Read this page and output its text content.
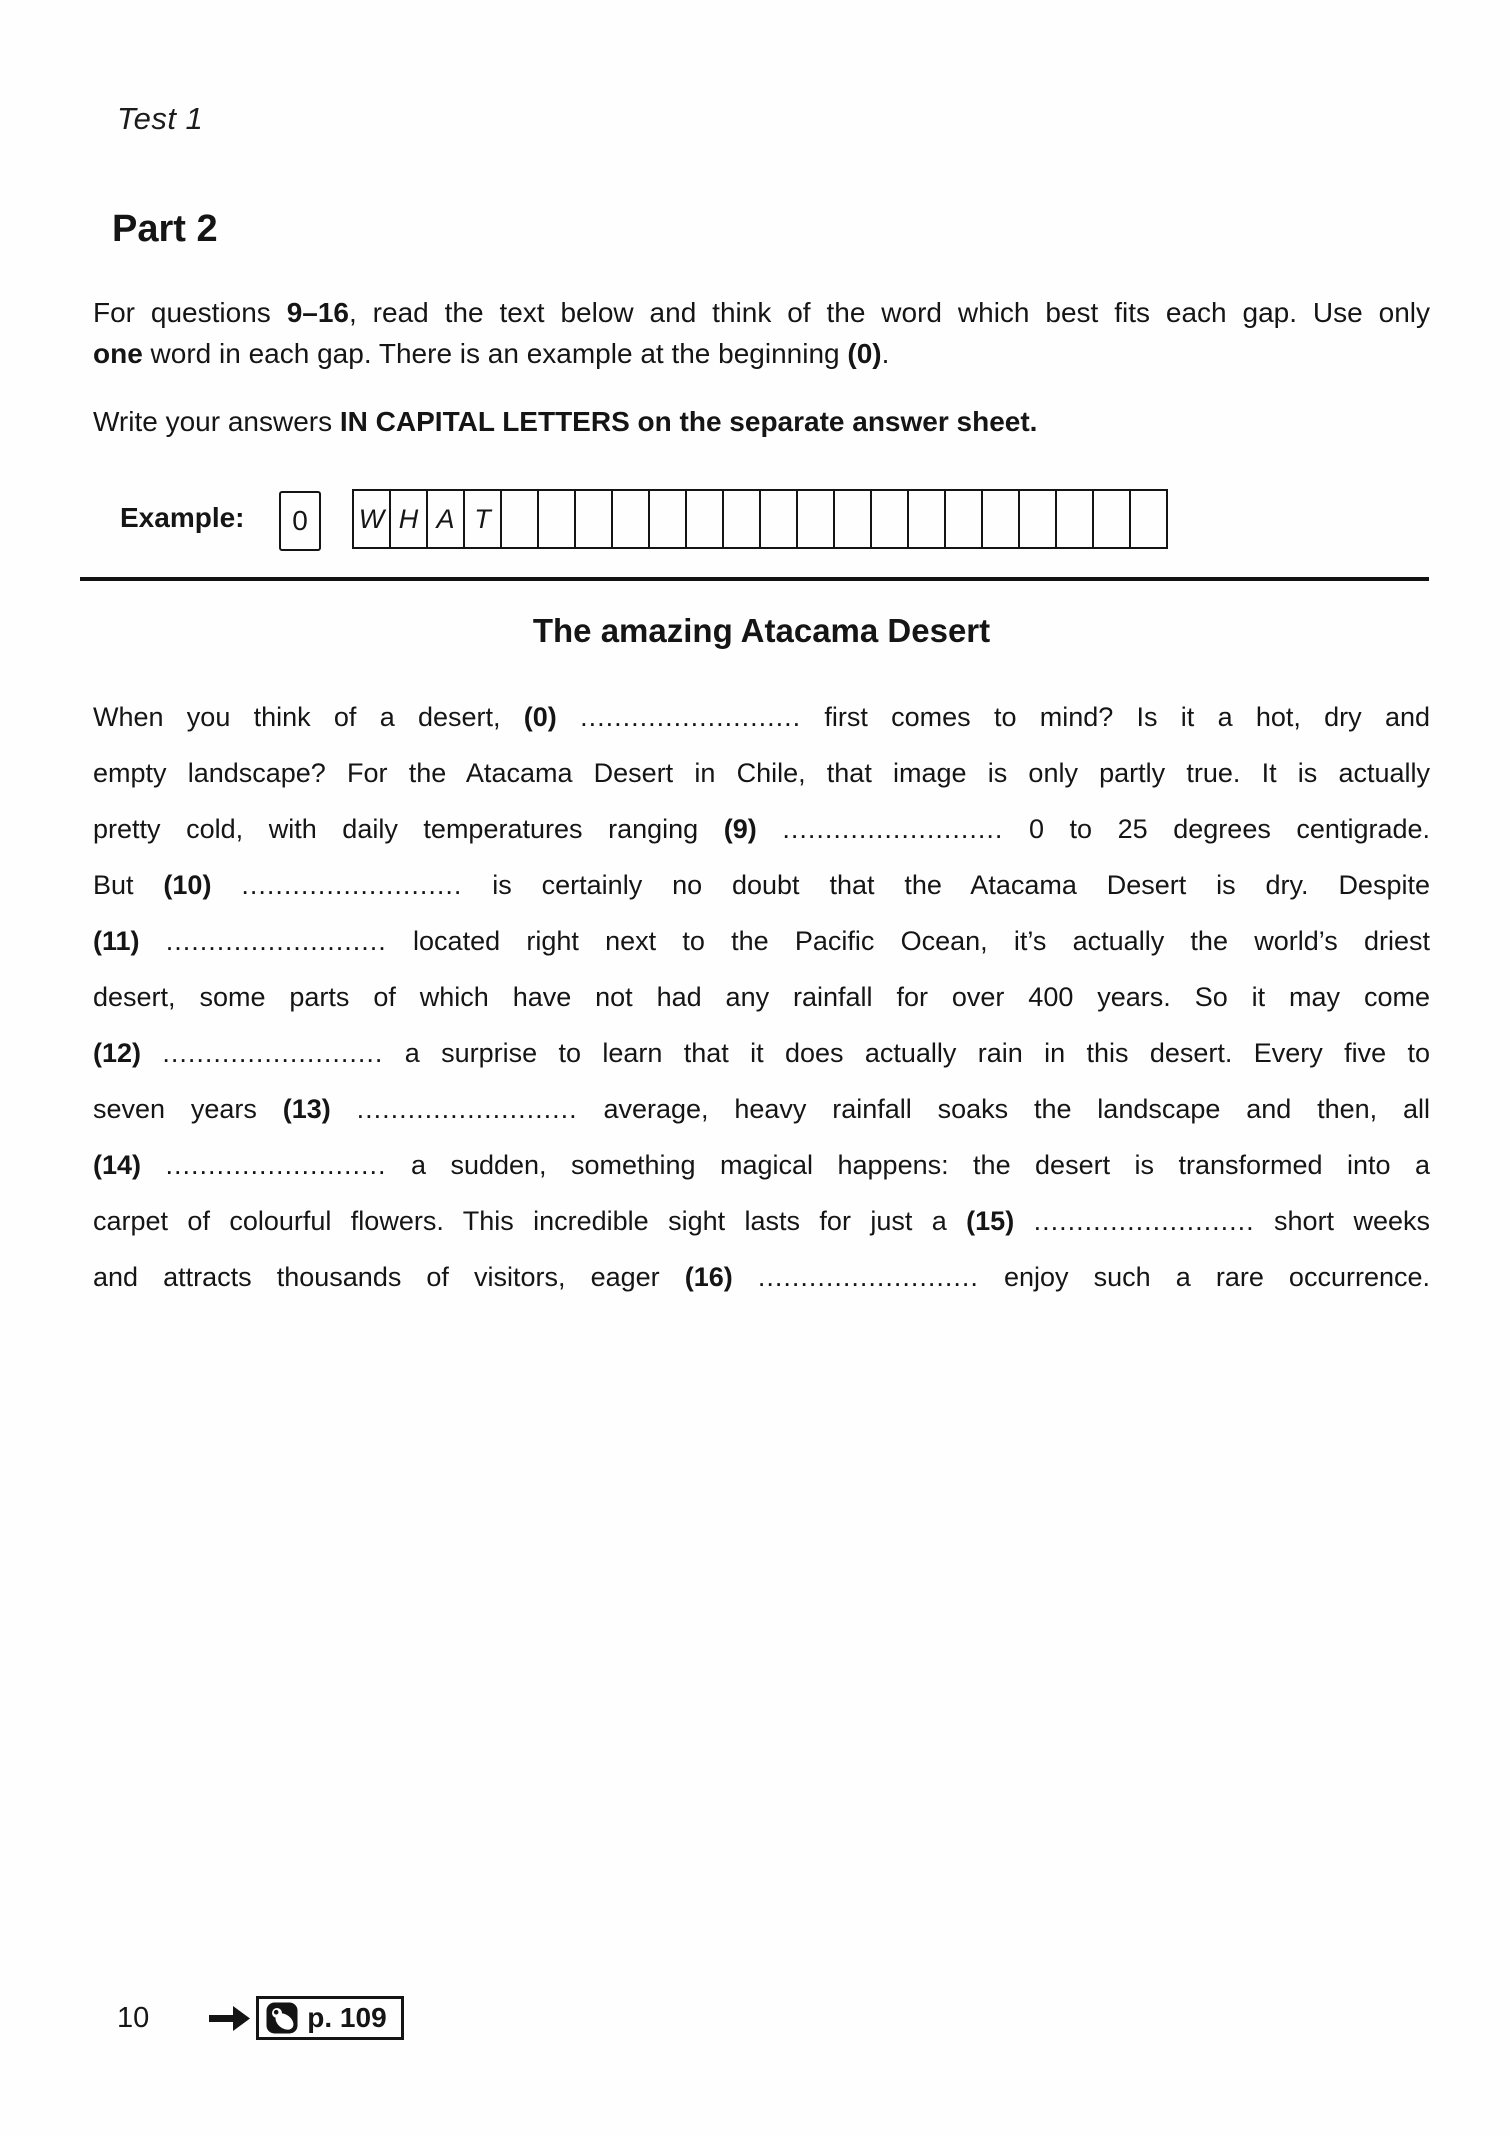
Test 1
Part 2
For questions 9–16, read the text below and think of the word which best fits each gap. Use only
one word in each gap. There is an example at the beginning (0).
Write your answers IN CAPITAL LETTERS on the separate answer sheet.
Example:	0	W H A T
The amazing Atacama Desert
When you think of a desert, (0) .......................... first comes to mind? Is it a hot, dry and
empty landscape? For the Atacama Desert in Chile, that image is only partly true. It is actually
pretty cold, with daily temperatures ranging (9) .......................... 0 to 25 degrees centigrade.
But (10) .......................... is certainly no doubt that the Atacama Desert is dry. Despite
(11) .......................... located right next to the Pacific Ocean, it’s actually the world’s driest
desert, some parts of which have not had any rainfall for over 400 years. So it may come
(12) .......................... a surprise to learn that it does actually rain in this desert. Every five to
seven years (13) .......................... average, heavy rainfall soaks the landscape and then, all
(14) .......................... a sudden, something magical happens: the desert is transformed into a
carpet of colourful flowers. This incredible sight lasts for just a (15) .......................... short weeks
and attracts thousands of visitors, eager (16) .......................... enjoy such a rare occurrence.
10	p. 109
